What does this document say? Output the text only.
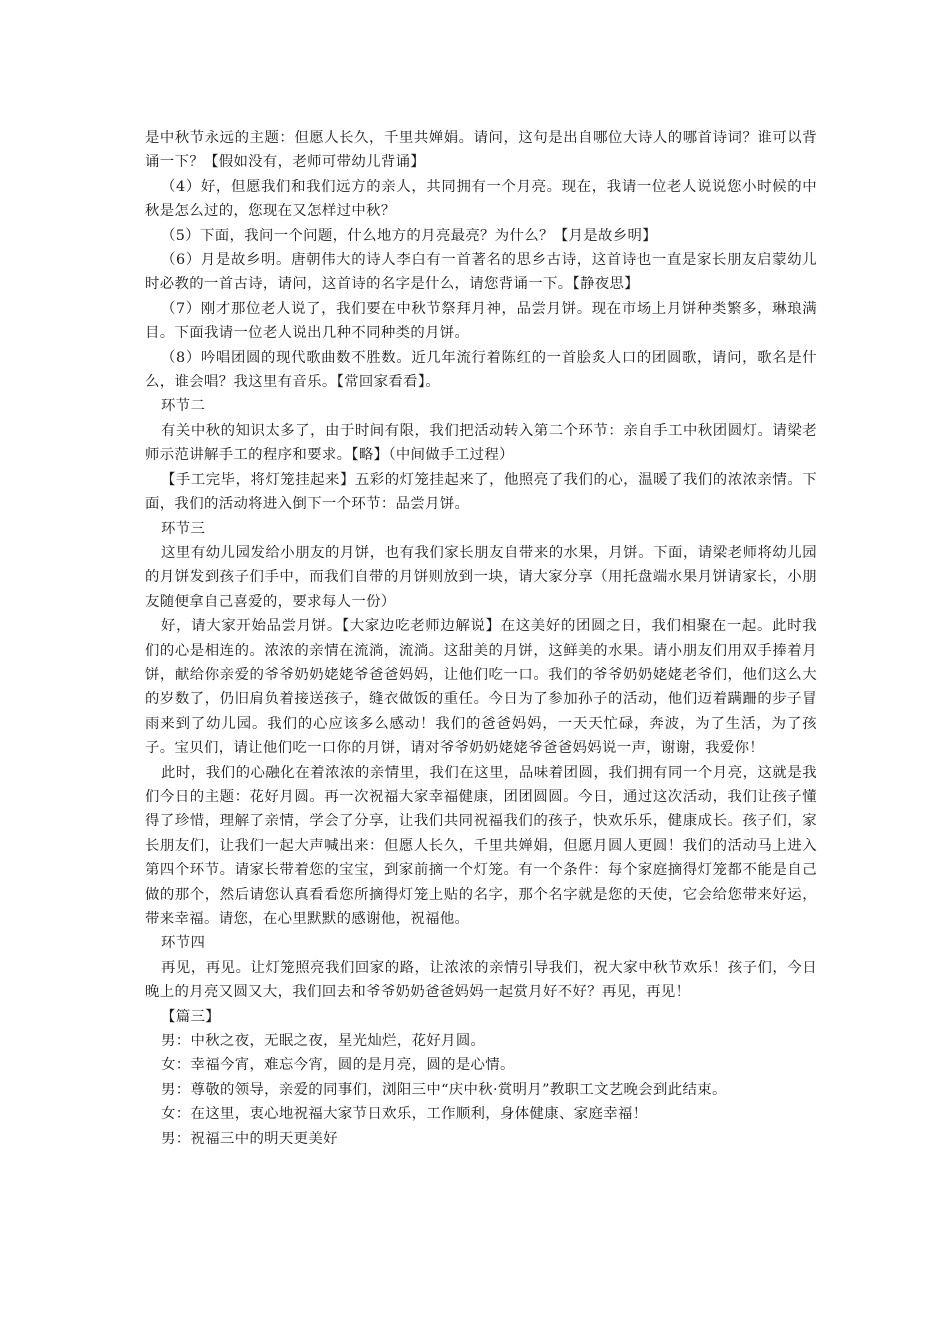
是中秋节永远的主题：但愿人长久，千里共婵娟。请问，这句是出自哪位大诗人的哪首诗词？谁可以背诵一下？【假如没有，老师可带幼儿背诵】

（4）好，但愿我们和我们远方的亲人，共同拥有一个月亮。现在，我请一位老人说说您小时候的中秋是怎么过的，您现在又怎样过中秋？

（5）下面，我问一个问题，什么地方的月亮最亮？为什么？【月是故乡明】

（6）月是故乡明。唐朝伟大的诗人李白有一首著名的思乡古诗，这首诗也一直是家长朋友启蒙幼儿时必教的一首古诗，请问，这首诗的名字是什么，请您背诵一下。【静夜思】

（7）刚才那位老人说了，我们要在中秋节祭拜月神，品尝月饼。现在市场上月饼种类繁多，琳琅满目。下面我请一位老人说出几种不同种类的月饼。

（8）吟唱团圆的现代歌曲数不胜数。近几年流行着陈红的一首脍炙人口的团圆歌，请问，歌名是什么，谁会唱？我这里有音乐。【常回家看看】。

环节二

有关中秋的知识太多了，由于时间有限，我们把活动转入第二个环节：亲自手工中秋团圆灯。请梁老师示范讲解手工的程序和要求。【略】（中间做手工过程）

【手工完毕，将灯笼挂起来】五彩的灯笼挂起来了，他照亮了我们的心，温暖了我们的浓浓亲情。下面，我们的活动将进入倒下一个环节：品尝月饼。

环节三

这里有幼儿园发给小朋友的月饼，也有我们家长朋友自带来的水果，月饼。下面，请梁老师将幼儿园的月饼发到孩子们手中，而我们自带的月饼则放到一块，请大家分享（用托盘端水果月饼请家长，小朋友随便拿自己喜爱的，要求每人一份）

好，请大家开始品尝月饼。【大家边吃老师边解说】在这美好的团圆之日，我们相聚在一起。此时我们的心是相连的。浓浓的亲情在流淌，流淌。这甜美的月饼，这鲜美的水果。请小朋友们用双手捧着月饼，献给你亲爱的爷爷奶奶姥姥爷爸爸妈妈，让他们吃一口。我们的爷爷奶奶姥姥老爷们，他们这么大的岁数了，仍旧肩负着接送孩子，缝衣做饭的重任。今日为了参加孙子的活动，他们迈着蹒跚的步子冒雨来到了幼儿园。我们的心应该多么感动！我们的爸爸妈妈，一天天忙碌，奔波，为了生活，为了孩子。宝贝们，请让他们吃一口你的月饼，请对爷爷奶奶姥姥爷爸爸妈妈说一声，谢谢，我爱你！

此时，我们的心融化在着浓浓的亲情里，我们在这里，品味着团圆，我们拥有同一个月亮，这就是我们今日的主题：花好月圆。再一次祝福大家幸福健康，团团圆圆。今日，通过这次活动，我们让孩子懂得了珍惜，理解了亲情，学会了分享，让我们共同祝福我们的孩子，快欢乐乐，健康成长。孩子们，家长朋友们，让我们一起大声喊出来：但愿人长久，千里共婵娟，但愿月圆人更圆！我们的活动马上进入第四个环节。请家长带着您的宝宝，到家前摘一个灯笼。有一个条件：每个家庭摘得灯笼都不能是自己做的那个，然后请您认真看看您所摘得灯笼上贴的名字，那个名字就是您的天使，它会给您带来好运，带来幸福。请您，在心里默默的感谢他，祝福他。

环节四

再见，再见。让灯笼照亮我们回家的路，让浓浓的亲情引导我们，祝大家中秋节欢乐！孩子们，今日晚上的月亮又圆又大，我们回去和爷爷奶奶爸爸妈妈一起赏月好不好？再见，再见！

【篇三】

男：中秋之夜，无眠之夜，星光灿烂，花好月圆。

女：幸福今宵，难忘今宵，圆的是月亮，圆的是心情。

男：尊敬的领导，亲爱的同事们，浏阳三中“庆中秋·赏明月”教职工文艺晚会到此结束。

女：在这里，衷心地祝福大家节日欢乐，工作顺利，身体健康、家庭幸福！

男：祝福三中的明天更美好
